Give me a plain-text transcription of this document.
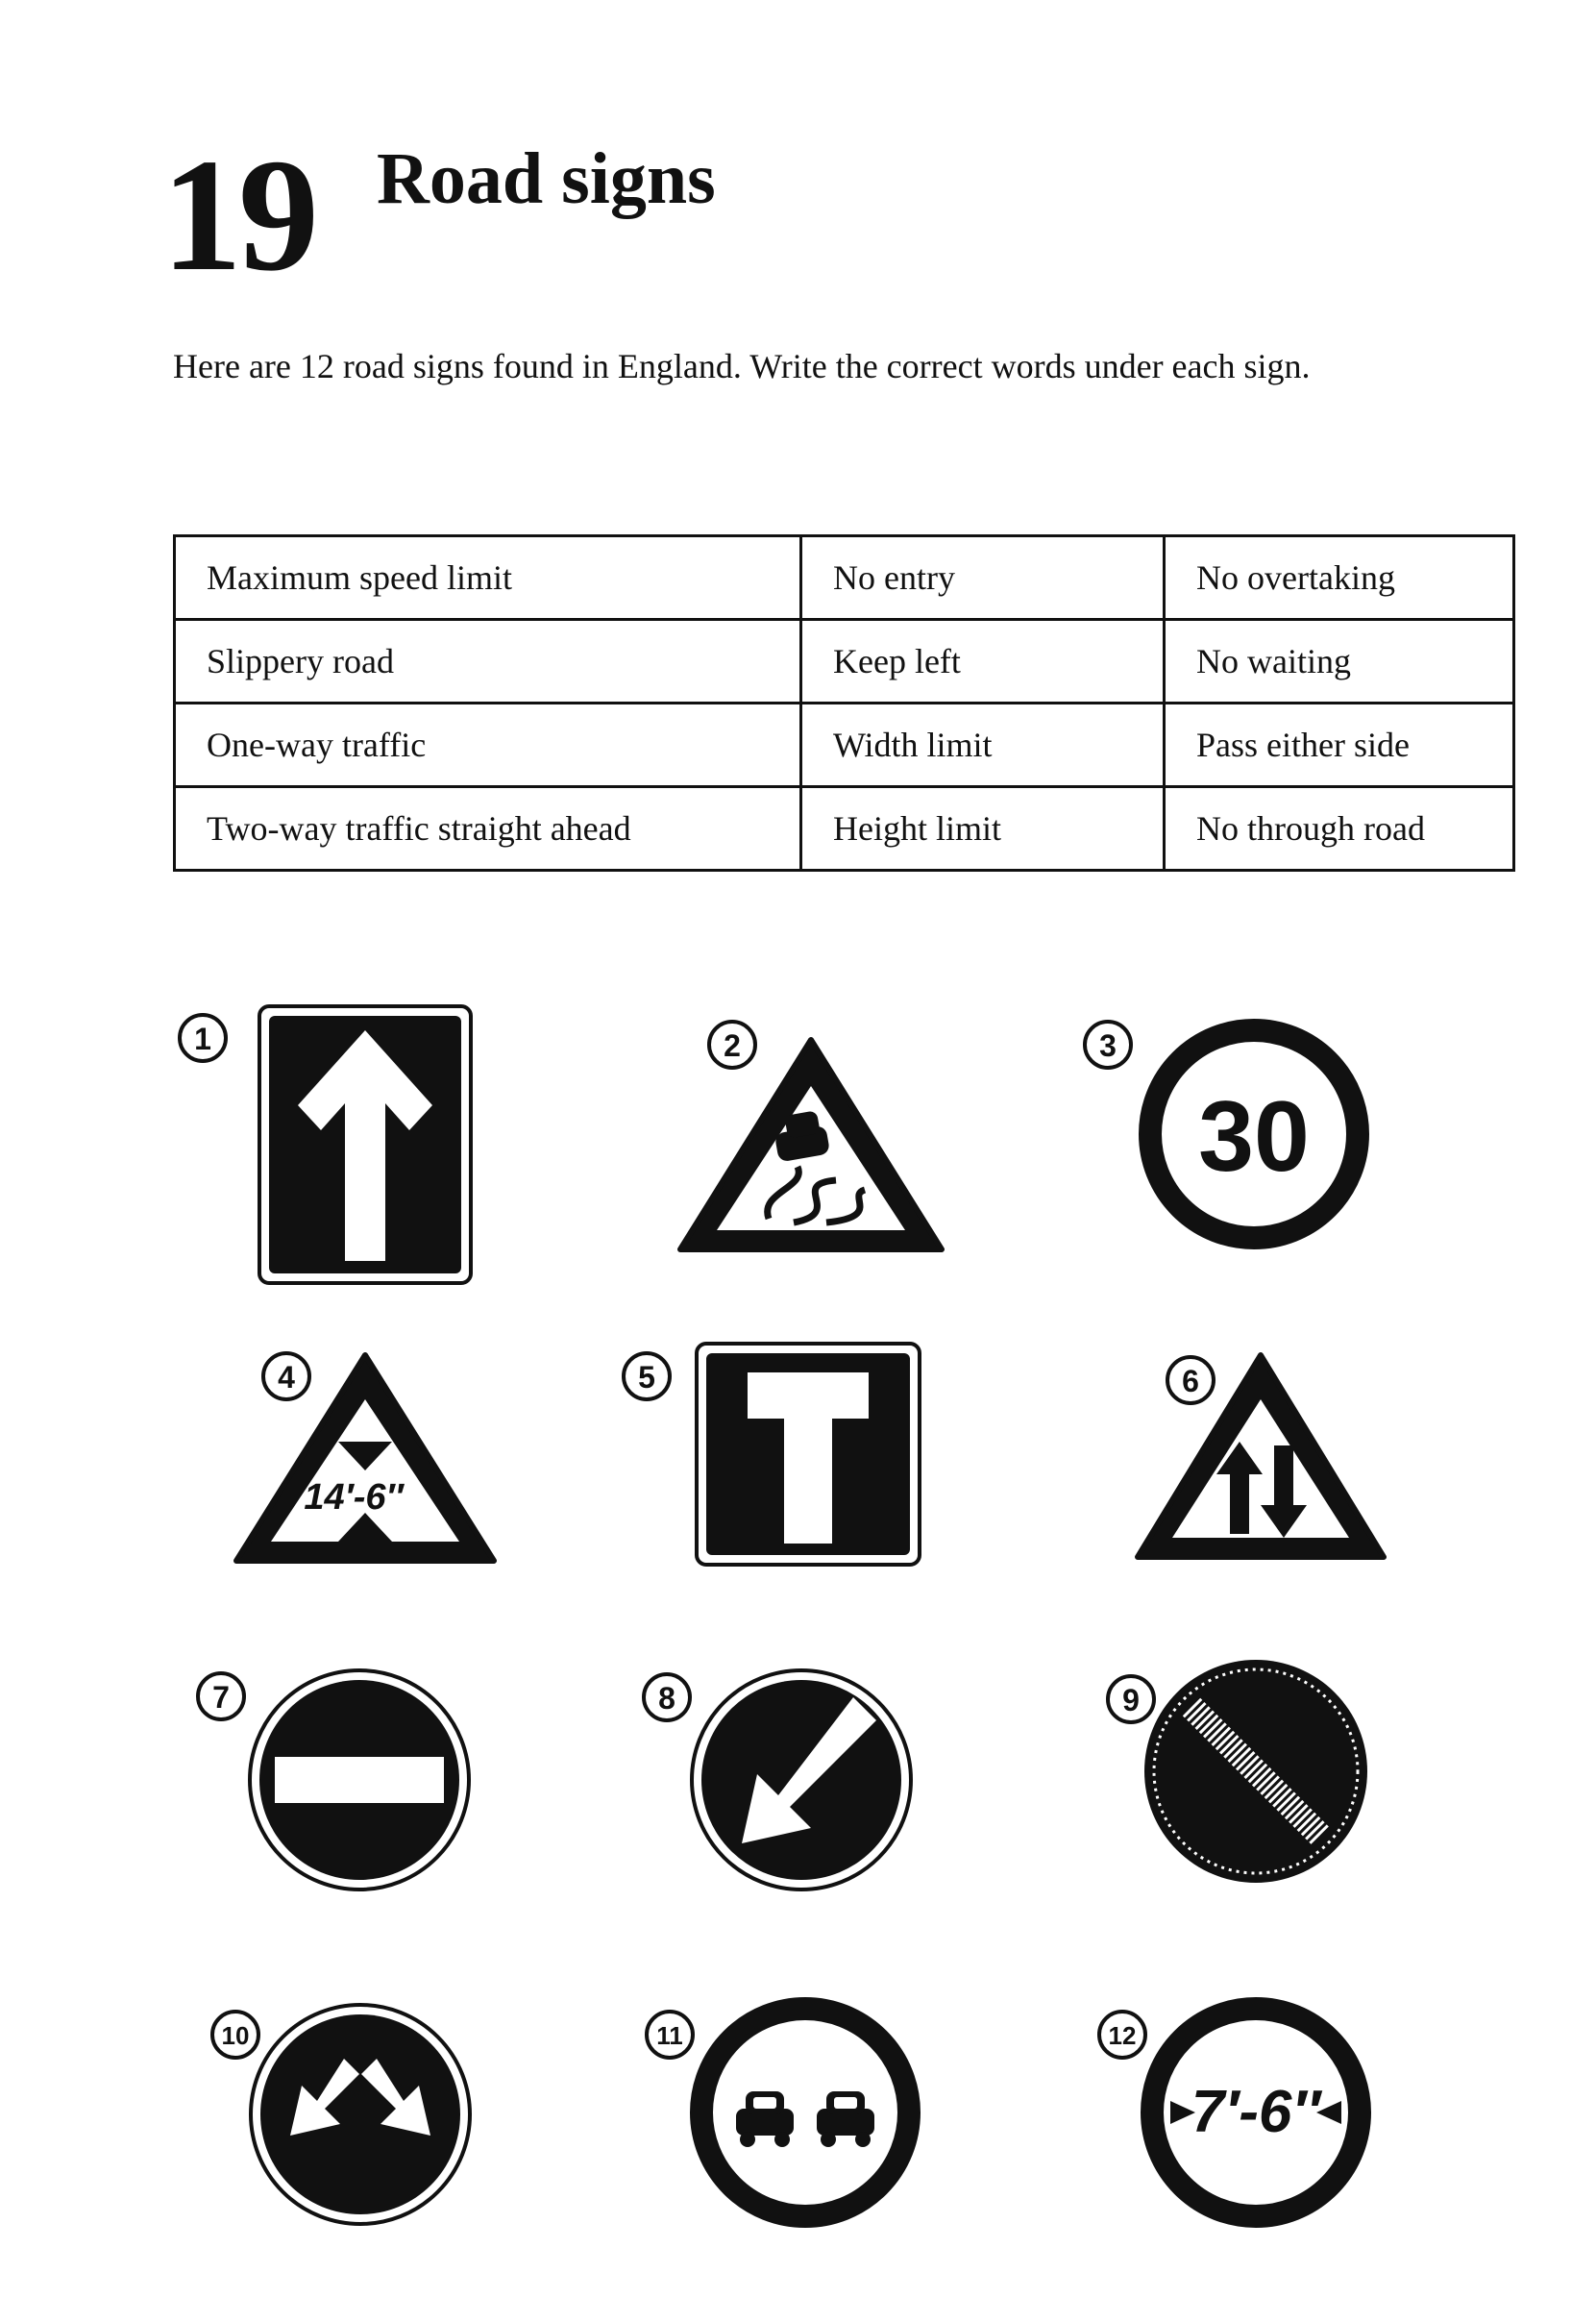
19 Road signs
Here are 12 road signs found in England. Write the correct words under each sign.
Maximum speed limit	No entry	No overtaking
Slippery road	Keep left	No waiting
One-way traffic	Width limit	Pass either side
Two-way traffic straight ahead	Height limit	No through road
1	2	3
30
4
14′-6″
5	6
7	8	9
10	11	12
7′-6″
